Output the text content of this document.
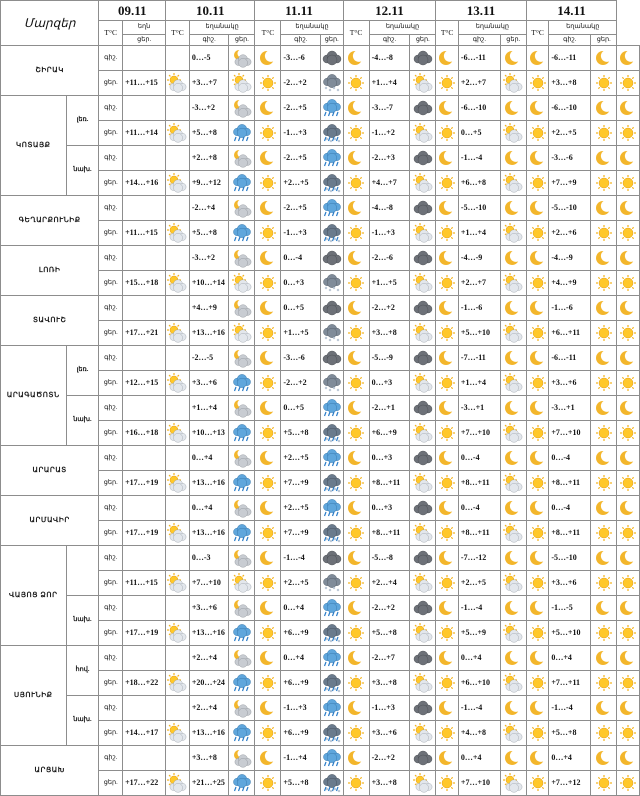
Մարզեր		09.11		10.11			11.11			12.11			13.11			14.11			
		T°C	եղն	T°C	եղանակը		T°C	եղանակը		T°C	եղանակը		T°C	եղանակը		T°C	եղանակը		
			ցեր.		գիշ.	ցեր.		գիշ.	ցեր.		գիշ.	ցեր.		գիշ.	ցեր.		գիշ.	ցեր.	
ՇԻՐԱԿ		գիշ.			0…-5			-3…-6			-4…-8			-6…-11			-6…-11	

		ցեր.	+11…+15		+3…+7			-2…+2			+1…+4			+2…+7			+3…+8	

ԿՈՏԱՅՔ	լեռ.	գիշ.			-3…+2			-2…+5			-3…-7			-6…-10			-6…-10	

		ցեր.	+11…+14		+5…+8			-1…+3			-1…+2			0…+5			+2…+5	

	նախ.	գիշ.			+2…+8			-2…+5			-2…+3			-1…-4			-3…-6	

		ցեր.	+14…+16		+9…+12			+2…+5			+4…+7			+6…+8			+7…+9	

ԳԵՂԱՐՔՈՒՆԻՔ		գիշ.			-2…+4			-2…+5			-4…-8			-5…-10			-5…-10	

		ցեր.	+11…+15		+5…+8			-1…+3			-1…+3			+1…+4			+2…+6	

ԼՈՌԻ		գիշ.			-3…+2			0…-4			-2…-6			-4…-9			-4…-9	

		ցեր.	+15…+18		+10…+14			0…+3			+1…+5			+2…+7			+4…+9	

ՏԱՎՈՒՇ		գիշ.			+4…+9			0…+5			-2…+2			-1…-6			-1…-6	

		ցեր.	+17…+21		+13…+16			+1…+5			+3…+8			+5…+10			+6…+11	

ԱՐԱԳԱԾՈՏՆ	լեռ.	գիշ.			-2…-5			-3…-6			-5…-9			-7…-11			-6…-11	

		ցեր.	+12…+15		+3…+6			-2…+2			0…+3			+1…+4			+3…+6	

	նախ.	գիշ.			+1…+4			0…+5			-2…+1			-3…+1			-3…+1	

		ցեր.	+16…+18		+10…+13			+5…+8			+6…+9			+7…+10			+7…+10	

ԱՐԱՐԱՏ		գիշ.			0…+4			+2…+5			0…+3			0…-4			0…-4	

		ցեր.	+17…+19		+13…+16			+7…+9			+8…+11			+8…+11			+8…+11	

ԱՐՄԱՎԻՐ		գիշ.			0…+4			+2…+5			0…+3			0…-4			0…-4	

		ցեր.	+17…+19		+13…+16			+7…+9			+8…+11			+8…+11			+8…+11	

ՎԱՅՈՑ ՁՈՐ		գիշ.			0…-3			-1…-4			-5…-8			-7…-12			-5…-10	

		ցեր.	+11…+15		+7…+10			+2…+5			+2…+4			+2…+5			+3…+6	

	նախ.	գիշ.			+3…+6			0…+4			-2…+2			-1…-4			-1…-5	

		ցեր.	+17…+19		+13…+16			+6…+9			+5…+8			+5…+9			+5…+10	

ՍՅՈՒՆԻՔ	հով.	գիշ.			+2…+4			0…+4			-2…+7			0…+4			0…+4	

		ցեր.	+18…+22		+20…+24			+6…+9			+3…+8			+6…+10			+7…+11	

	նախ.	գիշ.			+2…+4			-1…+3			-1…+3			-1…-4			-1…-4	

		ցեր.	+14…+17		+13…+16			+6…+9			+3…+6			+4…+8			+5…+8	

ԱՐՑԱԽ		գիշ.			+3…+8			-1…+4			-2…+2			0…+4			0…+4	

		ցեր.	+17…+22		+21…+25			+5…+8			+3…+8			+7…+10			+7…+12	
